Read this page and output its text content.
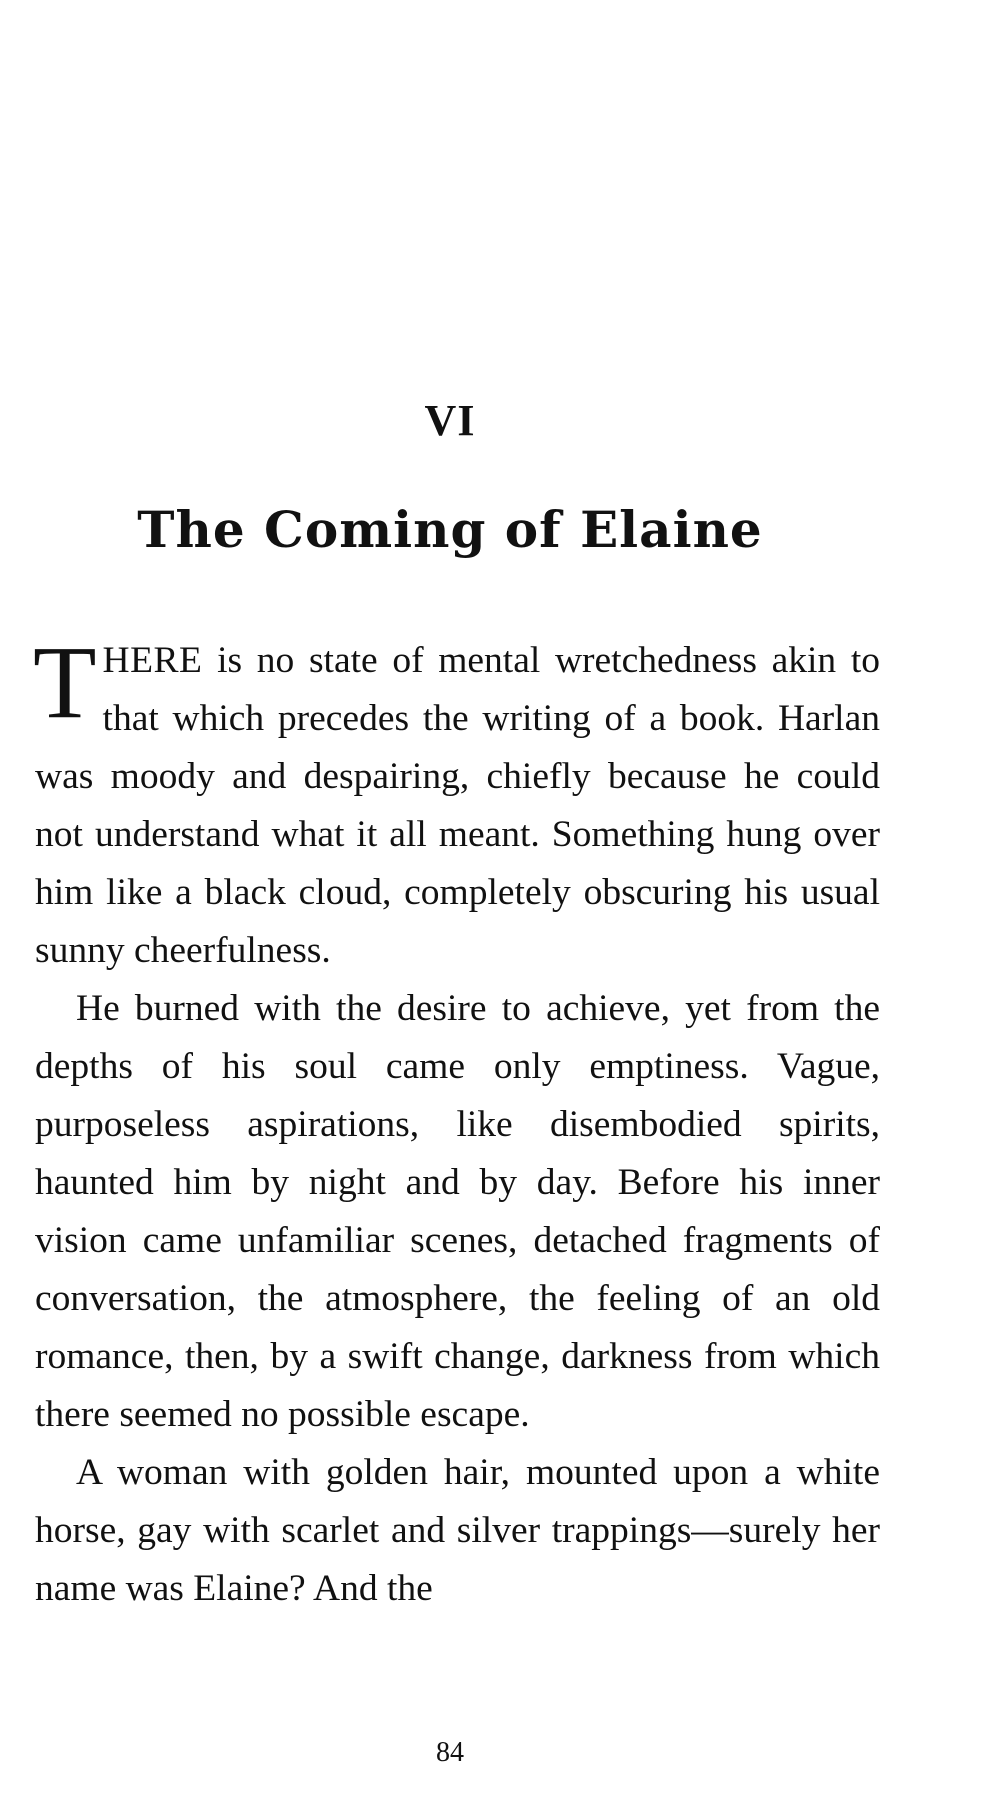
VI
The Coming of Elaine

THERE is no state of mental wretchedness akin to that which precedes the writing of a book. Harlan was moody and despairing, chiefly because he could not understand what it all meant. Something hung over him like a black cloud, completely obscuring his usual sunny cheerfulness.

He burned with the desire to achieve, yet from the depths of his soul came only emptiness. Vague, purposeless aspirations, like disembodied spirits, haunted him by night and by day. Before his inner vision came unfamiliar scenes, detached fragments of conversation, the atmosphere, the feeling of an old romance, then, by a swift change, darkness from which there seemed no possible escape.

A woman with golden hair, mounted upon a white horse, gay with scarlet and silver trappings—surely her name was Elaine? And the

84
